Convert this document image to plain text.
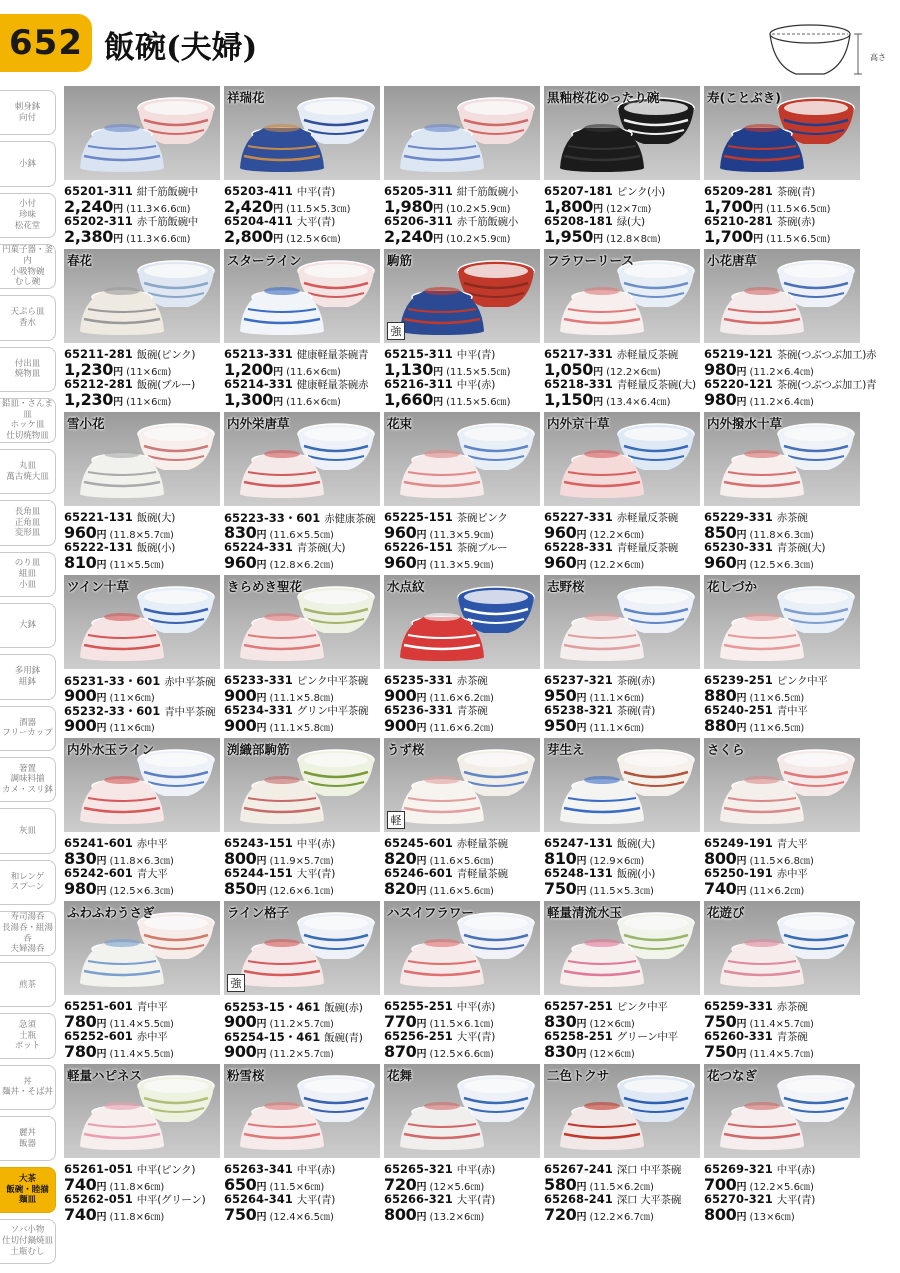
652 飯碗(夫婦)	高さ
刺身鉢
向付
小鉢
小付
珍味
松花堂
円菓子器・釜内
小吸物碗
むし碗
天ぷら皿
香水
付出皿
焼物皿
鉛皿・さんま皿
ホッケ皿
仕切焼物皿
丸皿
萬古焼大皿
長角皿
正角皿
変形皿
のり皿
組皿
小皿
大鉢
多用鉢
組鉢
酒器
フリーカップ
箸置
調味料揃
カメ・スリ鉢
灰皿
和レンゲ
スプーン
寿司湯呑
長湯呑・組湯呑
夫婦湯呑
煎茶
急須
土瓶
ポット
丼
麺丼・そば丼
麗丼
飯器
大茶
飯碗・睦揃
麺皿
ソバ小物
仕切付鍋焼皿
土瓶むし
65201-311 紺千筋飯碗中
2,240円 (11.3×6.6㎝)
65202-311 赤千筋飯碗中
2,380円 (11.3×6.6㎝)
祥瑞花
65203-411 中平(青)
2,420円 (11.5×5.3㎝)
65204-411 大平(青)
2,800円 (12.5×6㎝)
65205-311 紺千筋飯碗小
1,980円 (10.2×5.9㎝)
65206-311 赤千筋飯碗小
2,240円 (10.2×5.9㎝)
黒釉桜花ゆったり碗
65207-181 ピンク(小)
1,800円 (12×7㎝)
65208-181 緑(大)
1,950円 (12.8×8㎝)
寿(ことぶき)
65209-281 茶碗(青)
1,700円 (11.5×6.5㎝)
65210-281 茶碗(赤)
1,700円 (11.5×6.5㎝)
春花
65211-281 飯碗(ピンク)
1,230円 (11×6㎝)
65212-281 飯碗(ブルー)
1,230円 (11×6㎝)
スターライン
65213-331 健康軽量茶碗青
1,200円 (11.6×6㎝)
65214-331 健康軽量茶碗赤
1,300円 (11.6×6㎝)
駒筋
強
65215-311 中平(青)
1,130円 (11.5×5.5㎝)
65216-311 中平(赤)
1,660円 (11.5×5.6㎝)
フラワーリース
65217-331 赤軽量反茶碗
1,050円 (12.2×6㎝)
65218-331 青軽量反茶碗(大)
1,150円 (13.4×6.4㎝)
小花唐草
65219-121 茶碗(つぶつぶ加工)赤
980円 (11.2×6.4㎝)
65220-121 茶碗(つぶつぶ加工)青
980円 (11.2×6.4㎝)
雪小花
65221-131 飯碗(大)
960円 (11.8×5.7㎝)
65222-131 飯碗(小)
810円 (11×5.5㎝)
内外栄唐草
65223-33・601 赤健康茶碗
830円 (11.6×5.5㎝)
65224-331 青茶碗(大)
960円 (12.8×6.2㎝)
花束
65225-151 茶碗ピンク
960円 (11.3×5.9㎝)
65226-151 茶碗ブルー
960円 (11.3×5.9㎝)
内外京十草
65227-331 赤軽量反茶碗
960円 (12.2×6㎝)
65228-331 青軽量反茶碗
960円 (12.2×6㎝)
内外撥水十草
65229-331 赤茶碗
850円 (11.8×6.3㎝)
65230-331 青茶碗(大)
960円 (12.5×6.3㎝)
ツイン十草
65231-33・601 赤中平茶碗
900円 (11×6㎝)
65232-33・601 青中平茶碗
900円 (11×6㎝)
きらめき聖花
65233-331 ピンク中平茶碗
900円 (11.1×5.8㎝)
65234-331 グリン中平茶碗
900円 (11.1×5.8㎝)
水点紋
65235-331 赤茶碗
900円 (11.6×6.2㎝)
65236-331 青茶碗
900円 (11.6×6.2㎝)
志野桜
65237-321 茶碗(赤)
950円 (11.1×6㎝)
65238-321 茶碗(青)
950円 (11.1×6㎝)
花しづか
65239-251 ピンク中平
880円 (11×6.5㎝)
65240-251 青中平
880円 (11×6.5㎝)
内外水玉ライン
65241-601 赤中平
830円 (11.8×6.3㎝)
65242-601 青大平
980円 (12.5×6.3㎝)
渕織部駒筋
65243-151 中平(赤)
800円 (11.9×5.7㎝)
65244-151 大平(青)
850円 (12.6×6.1㎝)
うず桜
軽
65245-601 赤軽量茶碗
820円 (11.6×5.6㎝)
65246-601 青軽量茶碗
820円 (11.6×5.6㎝)
芽生え
65247-131 飯碗(大)
810円 (12.9×6㎝)
65248-131 飯碗(小)
750円 (11.5×5.3㎝)
さくら
65249-191 青大平
800円 (11.5×6.8㎝)
65250-191 赤中平
740円 (11×6.2㎝)
ふわふわうさぎ
65251-601 青中平
780円 (11.4×5.5㎝)
65252-601 赤中平
780円 (11.4×5.5㎝)
ライン格子
強
65253-15・461 飯碗(赤)
900円 (11.2×5.7㎝)
65254-15・461 飯碗(青)
900円 (11.2×5.7㎝)
ハスイフラワー
65255-251 中平(赤)
770円 (11.5×6.1㎝)
65256-251 大平(青)
870円 (12.5×6.6㎝)
軽量清流水玉
65257-251 ピンク中平
830円 (12×6㎝)
65258-251 グリーン中平
830円 (12×6㎝)
花遊び
65259-331 赤茶碗
750円 (11.4×5.7㎝)
65260-331 青茶碗
750円 (11.4×5.7㎝)
軽量ハピネス
65261-051 中平(ピンク)
740円 (11.8×6㎝)
65262-051 中平(グリーン)
740円 (11.8×6㎝)
粉雪桜
65263-341 中平(赤)
650円 (11.5×6㎝)
65264-341 大平(青)
750円 (12.4×6.5㎝)
花舞
65265-321 中平(赤)
720円 (12×5.6㎝)
65266-321 大平(青)
800円 (13.2×6㎝)
二色トクサ
65267-241 深口 中平茶碗
580円 (11.5×6.2㎝)
65268-241 深口 大平茶碗
720円 (12.2×6.7㎝)
花つなぎ
65269-321 中平(赤)
700円 (12.2×5.6㎝)
65270-321 大平(青)
800円 (13×6㎝)
